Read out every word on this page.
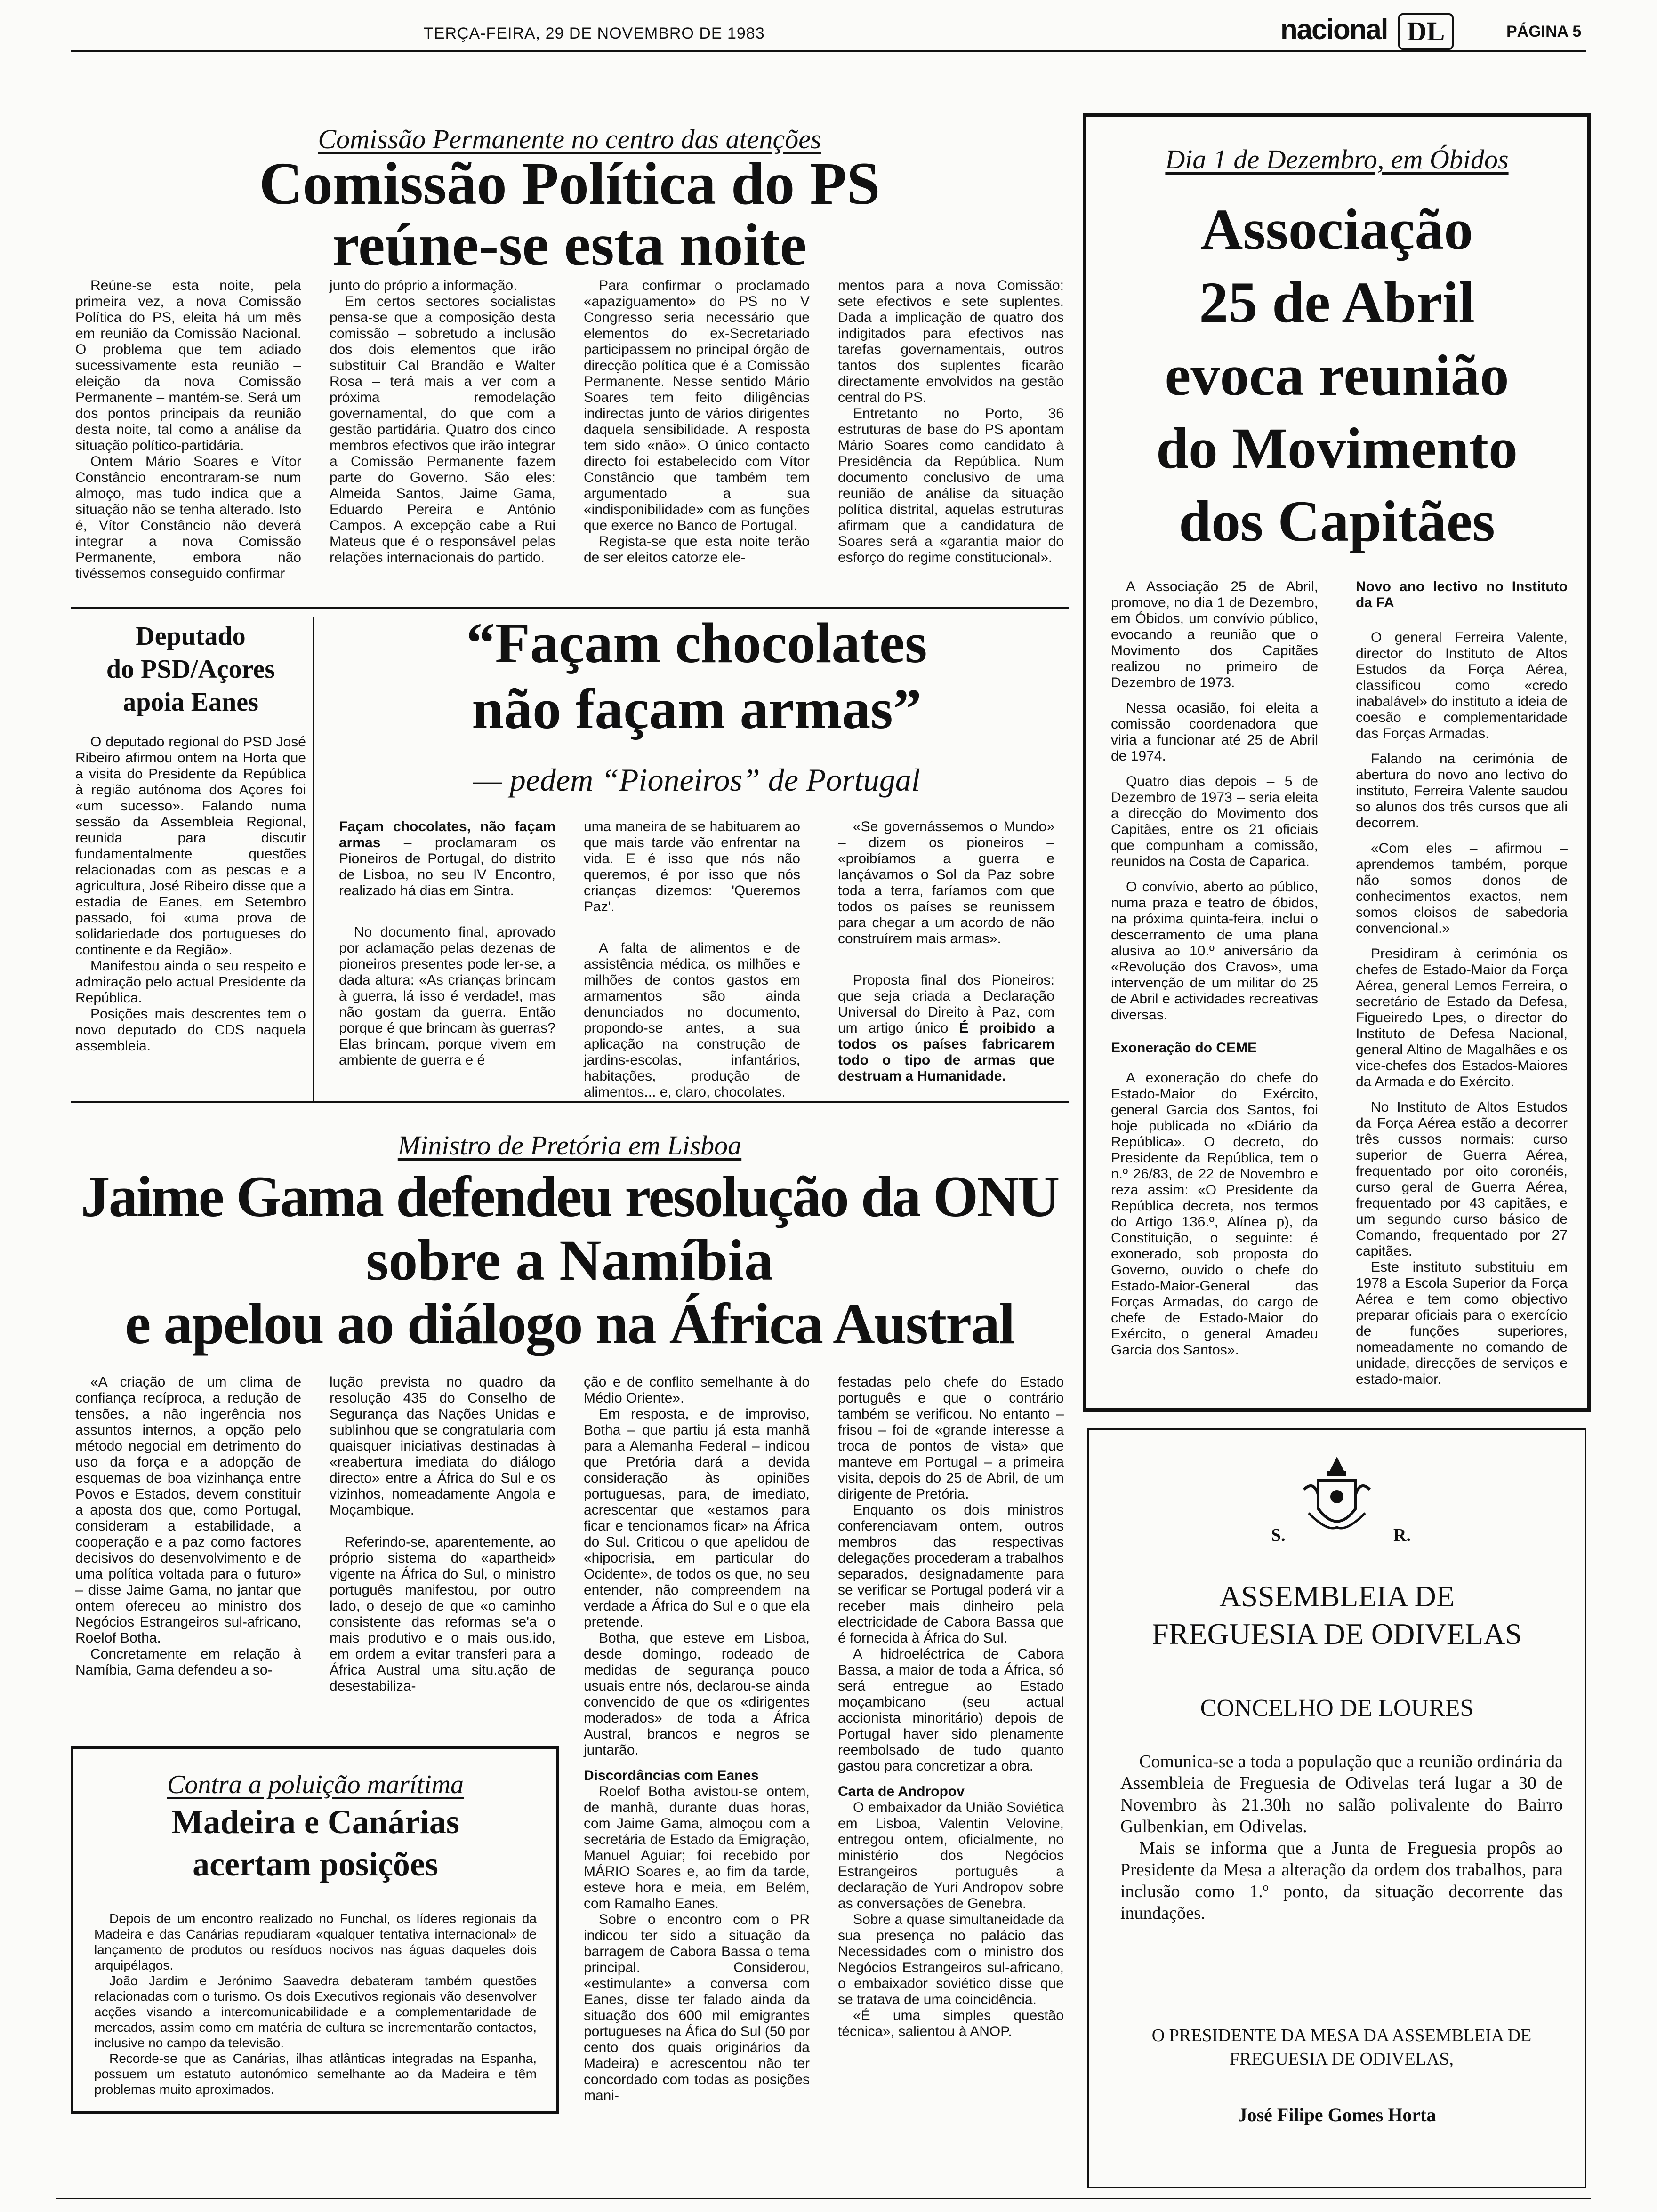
TERÇA-FEIRA, 29 DE NOVEMBRO DE 1983	nacional DL	PÁGINA 5
Comissão Permanente no centro das atenções
Comissão Política do PS
reúne-se esta noite

Reúne-se esta noite, pela primeira vez, a nova Comissão Política do PS, eleita há um mês em reunião da Comissão Nacional. O problema que tem adiado sucessivamente esta reunião – eleição da nova Comissão Permanente – mantém-se. Será um dos pontos principais da reunião desta noite, tal como a análise da situação político-partidária.

Ontem Mário Soares e Vítor Constâncio encontraram-se num almoço, mas tudo indica que a situação não se tenha alterado. Isto é, Vítor Constâncio não deverá integrar a nova Comissão Permanente, embora não tivéssemos conseguido confirmar

junto do próprio a informação.

Em certos sectores socialistas pensa-se que a composição desta comissão – sobretudo a inclusão dos dois elementos que irão substituir Cal Brandão e Walter Rosa – terá mais a ver com a próxima remodelação governamental, do que com a gestão partidária. Quatro dos cinco membros efectivos que irão integrar a Comissão Permanente fazem parte do Governo. São eles: Almeida Santos, Jaime Gama, Eduardo Pereira e António Campos. A excepção cabe a Rui Mateus que é o responsável pelas relações internacionais do partido.

Para confirmar o proclamado «apaziguamento» do PS no V Congresso seria necessário que elementos do ex-Secretariado participassem no principal órgão de direcção política que é a Comissão Permanente. Nesse sentido Mário Soares tem feito diligências indirectas junto de vários dirigentes daquela sensibilidade. A resposta tem sido «não». O único contacto directo foi estabelecido com Vítor Constâncio que também tem argumentado a sua «indisponibilidade» com as funções que exerce no Banco de Portugal.

Regista-se que esta noite terão de ser eleitos catorze ele-

mentos para a nova Comissão: sete efectivos e sete suplentes. Dada a implicação de quatro dos indigitados para efectivos nas tarefas governamentais, outros tantos dos suplentes ficarão directamente envolvidos na gestão central do PS.

Entretanto no Porto, 36 estruturas de base do PS apontam Mário Soares como candidato à Presidência da República. Num documento conclusivo de uma reunião de análise da situação política distrital, aquelas estruturas afirmam que a candidatura de Soares será a «garantia maior do esforço do regime constitucional».

Deputado
do PSD/Açores
apoia Eanes

O deputado regional do PSD José Ribeiro afirmou ontem na Horta que a visita do Presidente da República à região autónoma dos Açores foi «um sucesso». Falando numa sessão da Assembleia Regional, reunida para discutir fundamentalmente questões relacionadas com as pescas e a agricultura, José Ribeiro disse que a estadia de Eanes, em Setembro passado, foi «uma prova de solidariedade dos portugueses do continente e da Região».

Manifestou ainda o seu respeito e admiração pelo actual Presidente da República.

Posições mais descrentes tem o novo deputado do CDS naquela assembleia.

“Façam chocolates
não façam armas”
— pedem “Pioneiros” de Portugal

Façam chocolates, não façam armas – proclamaram os Pioneiros de Portugal, do distrito de Lisboa, no seu IV Encontro, realizado há dias em Sintra.

No documento final, aprovado por aclamação pelas dezenas de pioneiros presentes pode ler-se, a dada altura: «As crianças brincam à guerra, lá isso é verdade!, mas não gostam da guerra. Então porque é que brincam às guerras? Elas brincam, porque vivem em ambiente de guerra e é

uma maneira de se habituarem ao que mais tarde vão enfrentar na vida. E é isso que nós não queremos, é por isso que nós crianças dizemos: 'Queremos Paz'.

A falta de alimentos e de assistência médica, os milhões e milhões de contos gastos em armamentos são ainda denunciados no documento, propondo-se antes, a sua aplicação na construção de jardins-escolas, infantários, habitações, produção de alimentos... e, claro, chocolates.

«Se governássemos o Mundo» – dizem os pioneiros – «proibíamos a guerra e lançávamos o Sol da Paz sobre toda a terra, faríamos com que todos os países se reunissem para chegar a um acordo de não construírem mais armas».

Proposta final dos Pioneiros: que seja criada a Declaração Universal do Direito à Paz, com um artigo único É proibido a todos os países fabricarem todo o tipo de armas que destruam a Humanidade.

Ministro de Pretória em Lisboa
Jaime Gama defendeu resolução da ONU
sobre a Namíbia
e apelou ao diálogo na África Austral

«A criação de um clima de confiança recíproca, a redução de tensões, a não ingerência nos assuntos internos, a opção pelo método negocial em detrimento do uso da força e a adopção de esquemas de boa vizinhança entre Povos e Estados, devem constituir a aposta dos que, como Portugal, consideram a estabilidade, a cooperação e a paz como factores decisivos do desenvolvimento e de uma política voltada para o futuro» – disse Jaime Gama, no jantar que ontem ofereceu ao ministro dos Negócios Estrangeiros sul-africano, Roelof Botha.

Concretamente em relação à Namíbia, Gama defendeu a so-

lução prevista no quadro da resolução 435 do Conselho de Segurança das Nações Unidas e sublinhou que se congratularia com quaisquer iniciativas destinadas à «reabertura imediata do diálogo directo» entre a África do Sul e os vizinhos, nomeadamente Angola e Moçambique.

Referindo-se, aparentemente, ao próprio sistema do «apartheid» vigente na África do Sul, o ministro português manifestou, por outro lado, o desejo de que «o caminho consistente das reformas se'a o mais produtivo e o mais ous.ido, em ordem a evitar transferi para a África Austral uma situ.ação de desestabiliza-

ção e de conflito semelhante à do Médio Oriente».

Em resposta, e de improviso, Botha – que partiu já esta manhã para a Alemanha Federal – indicou que Pretória dará a devida consideração às opiniões portuguesas, para, de imediato, acrescentar que «estamos para ficar e tencionamos ficar» na África do Sul. Criticou o que apelidou de «hipocrisia, em particular do Ocidente», de todos os que, no seu entender, não compreendem na verdade a África do Sul e o que ela pretende.

Botha, que esteve em Lisboa, desde domingo, rodeado de medidas de segurança pouco usuais entre nós, declarou-se ainda convencido de que os «dirigentes moderados» de toda a África Austral, brancos e negros se juntarão.

Discordâncias com Eanes

Roelof Botha avistou-se ontem, de manhã, durante duas horas, com Jaime Gama, almoçou com a secretária de Estado da Emigração, Manuel Aguiar; foi recebido por MÁRIO Soares e, ao fim da tarde, esteve hora e meia, em Belém, com Ramalho Eanes.

Sobre o encontro com o PR indicou ter sido a situação da barragem de Cabora Bassa o tema principal. Considerou, «estimulante» a conversa com Eanes, disse ter falado ainda da situação dos 600 mil emigrantes portugueses na Áfica do Sul (50 por cento dos quais originários da Madeira) e acrescentou não ter concordado com todas as posições mani-

festadas pelo chefe do Estado português e que o contrário também se verificou. No entanto – frisou – foi de «grande interesse a troca de pontos de vista» que manteve em Portugal – a primeira visita, depois do 25 de Abril, de um dirigente de Pretória.

Enquanto os dois ministros conferenciavam ontem, outros membros das respectivas delegações procederam a trabalhos separados, designadamente para se verificar se Portugal poderá vir a receber mais dinheiro pela electricidade de Cabora Bassa que é fornecida à África do Sul.

A hidroeléctrica de Cabora Bassa, a maior de toda a África, só será entregue ao Estado moçambicano (seu actual accionista minoritário) depois de Portugal haver sido plenamente reembolsado de tudo quanto gastou para concretizar a obra.

Carta de Andropov

O embaixador da União Soviética em Lisboa, Valentin Velovine, entregou ontem, oficialmente, no ministério dos Negócios Estrangeiros português a declaração de Yuri Andropov sobre as conversações de Genebra.

Sobre a quase simultaneidade da sua presença no palácio das Necessidades com o ministro dos Negócios Estrangeiros sul-africano, o embaixador soviético disse que se tratava de uma coincidência.

«É uma simples questão técnica», salientou à ANOP.

Contra a poluição marítima
Madeira e Canárias
acertam posições

Depois de um encontro realizado no Funchal, os líderes regionais da Madeira e das Canárias repudiaram «qualquer tentativa internacional» de lançamento de produtos ou resíduos nocivos nas águas daqueles dois arquipélagos.

João Jardim e Jerónimo Saavedra debateram também questões relacionadas com o turismo. Os dois Executivos regionais vão desenvolver acções visando a intercomunicabilidade e a complementaridade de mercados, assim como em matéria de cultura se incrementarão contactos, inclusive no campo da televisão.

Recorde-se que as Canárias, ilhas atlânticas integradas na Espanha, possuem um estatuto autonómico semelhante ao da Madeira e têm problemas muito aproximados.

Dia 1 de Dezembro, em Óbidos
Associação
25 de Abril
evoca reunião
do Movimento
dos Capitães

A Associação 25 de Abril, promove, no dia 1 de Dezembro, em Óbidos, um convívio público, evocando a reunião que o Movimento dos Capitães realizou no primeiro de Dezembro de 1973.

Nessa ocasião, foi eleita a comissão coordenadora que viria a funcionar até 25 de Abril de 1974.

Quatro dias depois – 5 de Dezembro de 1973 – seria eleita a direcção do Movimento dos Capitães, entre os 21 oficiais que compunham a comissão, reunidos na Costa de Caparica.

O convívio, aberto ao público, numa praza e teatro de óbidos, na próxima quinta-feira, inclui o descerramento de uma plana alusiva ao 10.º aniversário da «Revolução dos Cravos», uma intervenção de um militar do 25 de Abril e actividades recreativas diversas.

Exoneração do CEME

A exoneração do chefe do Estado-Maior do Exército, general Garcia dos Santos, foi hoje publicada no «Diário da República». O decreto, do Presidente da República, tem o n.º 26/83, de 22 de Novembro e reza assim: «O Presidente da República decreta, nos termos do Artigo 136.º, Alínea p), da Constituição, o seguinte: é exonerado, sob proposta do Governo, ouvido o chefe do Estado-Maior-General das Forças Armadas, do cargo de chefe de Estado-Maior do Exército, o general Amadeu Garcia dos Santos».

Novo ano lectivo no Instituto da FA

O general Ferreira Valente, director do Instituto de Altos Estudos da Força Aérea, classificou como «credo inabalável» do instituto a ideia de coesão e complementaridade das Forças Armadas.

Falando na cerimónia de abertura do novo ano lectivo do instituto, Ferreira Valente saudou so alunos dos três cursos que ali decorrem.

«Com eles – afirmou – aprendemos também, porque não somos donos de conhecimentos exactos, nem somos cloisos de sabedoria convencional.»

Presidiram à cerimónia os chefes de Estado-Maior da Força Aérea, general Lemos Ferreira, o secretário de Estado da Defesa, Figueiredo Lpes, o director do Instituto de Defesa Nacional, general Altino de Magalhães e os vice-chefes dos Estados-Maiores da Armada e do Exército.

No Instituto de Altos Estudos da Força Aérea estão a decorrer três cussos normais: curso superior de Guerra Aérea, frequentado por oito coronéis, curso geral de Guerra Aérea, frequentado por 43 capitães, e um segundo curso básico de Comando, frequentado por 27 capitães.

Este instituto substituiu em 1978 a Escola Superior da Força Aérea e tem como objectivo preparar oficiais para o exercício de funções superiores, nomeadamente no comando de unidade, direcções de serviços e estado-maior.

S.	R.
ASSEMBLEIA DE
FREGUESIA DE ODIVELAS
CONCELHO DE LOURES

Comunica-se a toda a população que a reunião ordinária da Assembleia de Freguesia de Odivelas terá lugar a 30 de Novembro às 21.30h no salão polivalente do Bairro Gulbenkian, em Odivelas.

Mais se informa que a Junta de Freguesia propôs ao Presidente da Mesa a alteração da ordem dos trabalhos, para inclusão como 1.º ponto, da situação decorrente das inundações.

O PRESIDENTE DA MESA DA ASSEMBLEIA DE FREGUESIA DE ODIVELAS,
José Filipe Gomes Horta
